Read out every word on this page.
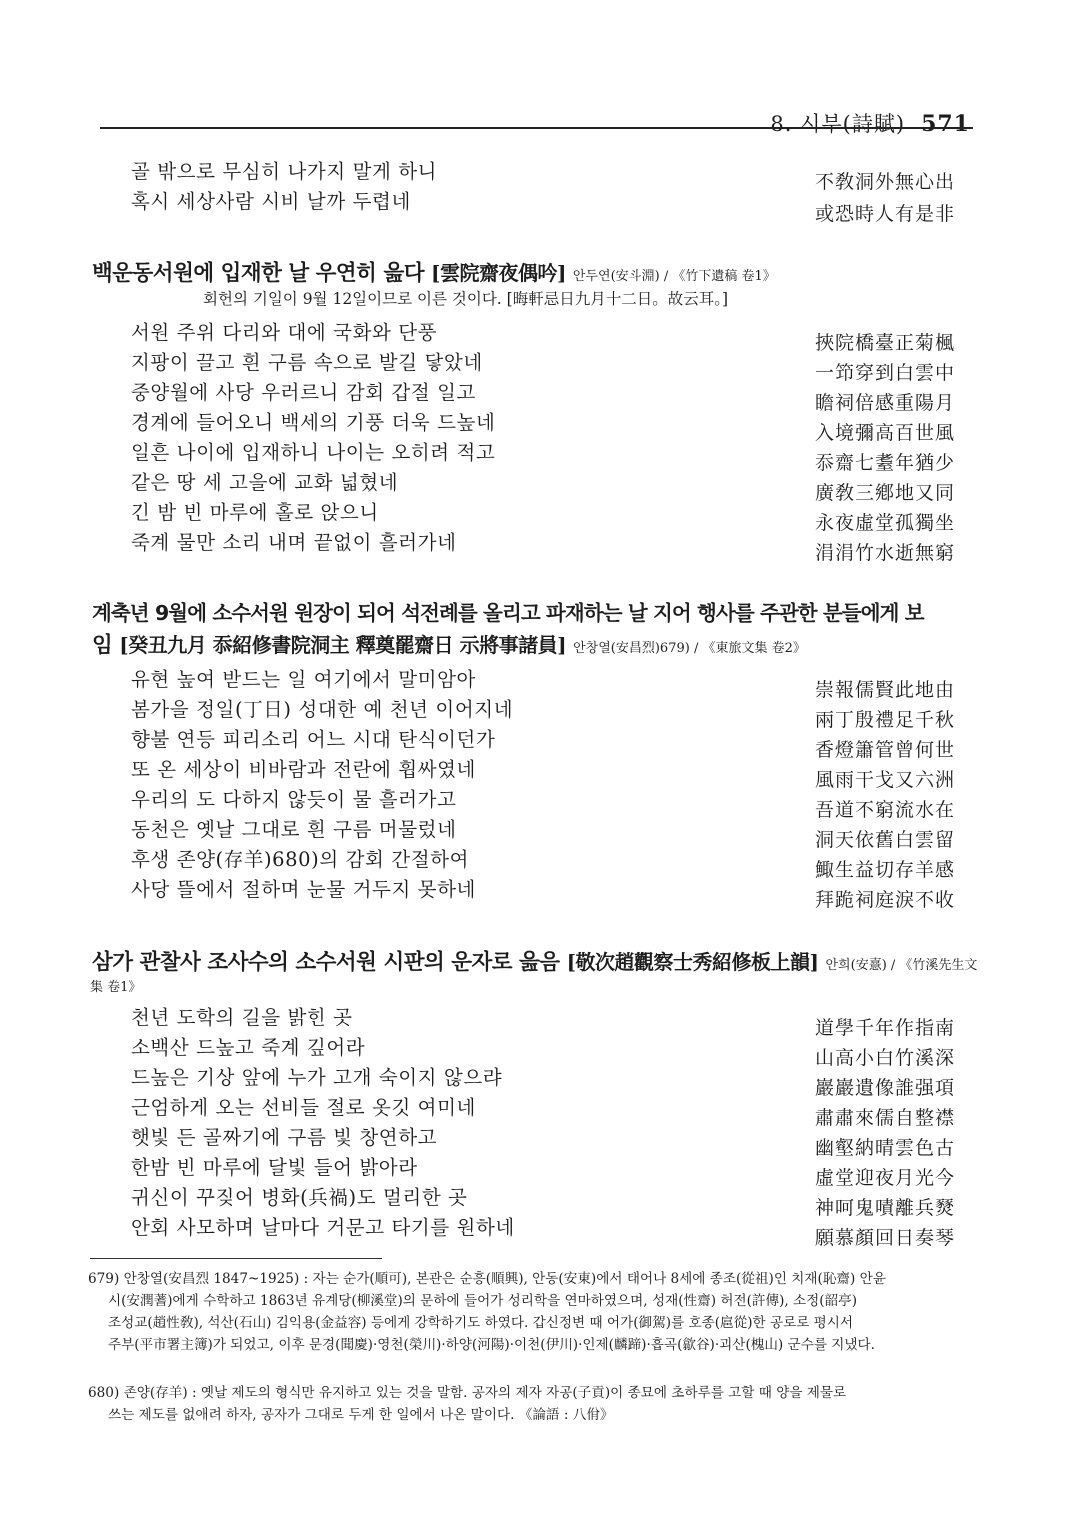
8. 시부(詩賦) 571
골 밖으로 무심히 나가지 말게 하니
혹시 세상사람 시비 날까 두렵네
不敎洞外無心出
或恐時人有是非
백운동서원에 입재한 날 우연히 읊다 [雲院齋夜偶吟] 안두연(安斗淵) / 《竹下遺稿 卷1》
회헌의 기일이 9월 12일이므로 이른 것이다. [晦軒忌日九月十二日。故云耳。]
서원 주위 다리와 대에 국화와 단풍
지팡이 끌고 흰 구름 속으로 발길 닿았네
중양월에 사당 우러르니 감회 갑절 일고
경계에 들어오니 백세의 기풍 더욱 드높네
일흔 나이에 입재하니 나이는 오히려 적고
같은 땅 세 고을에 교화 넓혔네
긴 밤 빈 마루에 홀로 앉으니
죽계 물만 소리 내며 끝없이 흘러가네
挾院橋臺正菊楓
一笻穿到白雲中
瞻祠倍感重陽月
入境彌高百世風
忝齋七耋年猶少
廣敎三鄕地又同
永夜虛堂孤獨坐
涓涓竹水逝無窮
계축년 9월에 소수서원 원장이 되어 석전례를 올리고 파재하는 날 지어 행사를 주관한 분들에게 보
임 [癸丑九月 忝紹修書院洞主 釋奠罷齋日 示將事諸員] 안창열(安昌烈)679) / 《東旅文集 卷2》
유현 높여 받드는 일 여기에서 말미암아
봄가을 정일(丁日) 성대한 예 천년 이어지네
향불 연등 피리소리 어느 시대 탄식이던가
또 온 세상이 비바람과 전란에 휩싸였네
우리의 도 다하지 않듯이 물 흘러가고
동천은 옛날 그대로 흰 구름 머물렀네
후생 존양(存羊)680)의 감회 간절하여
사당 뜰에서 절하며 눈물 거두지 못하네
崇報儒賢此地由
兩丁殷禮足千秋
香燈簫管曾何世
風雨干戈又六洲
吾道不窮流水在
洞天依舊白雲留
鯫生益切存羊感
拜跪祠庭淚不收
삼가 관찰사 조사수의 소수서원 시판의 운자로 읊음 [敬次趙觀察士秀紹修板上韻] 안희(安憙) / 《竹溪先生文
集 卷1》
천년 도학의 길을 밝힌 곳
소백산 드높고 죽계 깊어라
드높은 기상 앞에 누가 고개 숙이지 않으랴
근엄하게 오는 선비들 절로 옷깃 여미네
햇빛 든 골짜기에 구름 빛 창연하고
한밤 빈 마루에 달빛 들어 밝아라
귀신이 꾸짖어 병화(兵禍)도 멀리한 곳
안회 사모하며 날마다 거문고 타기를 원하네
道學千年作指南
山高小白竹溪深
巖巖遺像誰强項
肅肅來儒自整襟
幽壑納晴雲色古
虛堂迎夜月光今
神呵鬼嘖離兵燹
願慕顏回日奏琴
679) 안창열(安昌烈 1847~1925) : 자는 순가(順可), 본관은 순흥(順興), 안동(安東)에서 태어나 8세에 종조(從祖)인 치재(恥齋) 안윤
시(安潤蓍)에게 수학하고 1863년 유계당(柳溪堂)의 문하에 들어가 성리학을 연마하였으며, 성재(性齋) 허전(許傳), 소정(韶亭)
조성교(趙性敎), 석산(石山) 김익용(金益容) 등에게 강학하기도 하였다. 갑신정변 때 어가(御駕)를 호종(扈從)한 공로로 평시서
주부(平市署主簿)가 되었고, 이후 문경(聞慶)·영천(榮川)·하양(河陽)·이천(伊川)·인제(麟蹄)·흡곡(歙谷)·괴산(槐山) 군수를 지냈다.
680) 존양(存羊) : 옛날 제도의 형식만 유지하고 있는 것을 말함. 공자의 제자 자공(子貢)이 종묘에 초하루를 고할 때 양을 제물로
쓰는 제도를 없애려 하자, 공자가 그대로 두게 한 일에서 나온 말이다. 《論語 : 八佾》
